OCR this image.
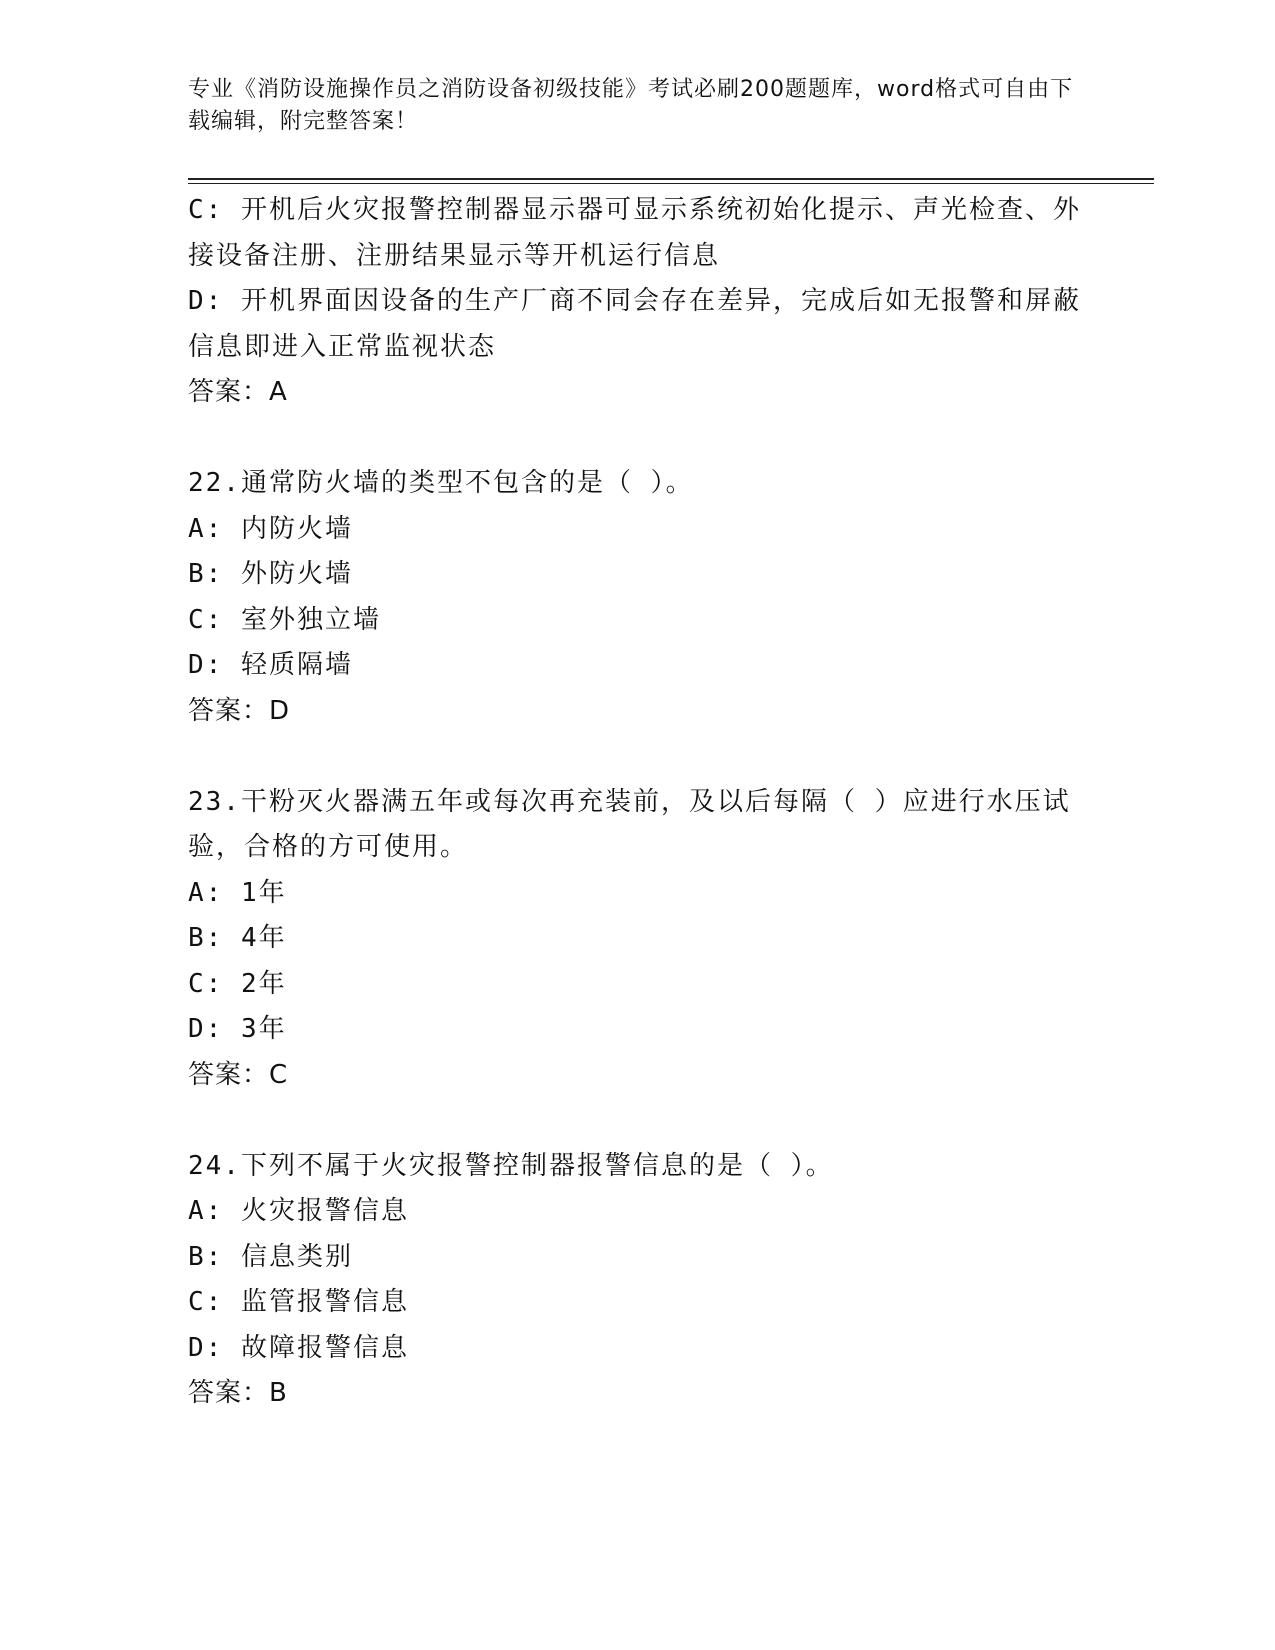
专业《消防设施操作员之消防设备初级技能》考试必刷200题题库，word格式可自由下载编辑，附完整答案！
C: 开机后火灾报警控制器显示器可显示系统初始化提示、声光检查、外接设备注册、注册结果显示等开机运行信息
D: 开机界面因设备的生产厂商不同会存在差异，完成后如无报警和屏蔽信息即进入正常监视状态
答案：A
22.通常防火墙的类型不包含的是（ ）。
A: 内防火墙
B: 外防火墙
C: 室外独立墙
D: 轻质隔墙
答案：D
23.干粉灭火器满五年或每次再充装前，及以后每隔（ ）应进行水压试验，合格的方可使用。
A: 1年
B: 4年
C: 2年
D: 3年
答案：C
24.下列不属于火灾报警控制器报警信息的是（ ）。
A: 火灾报警信息
B: 信息类别
C: 监管报警信息
D: 故障报警信息
答案：B
